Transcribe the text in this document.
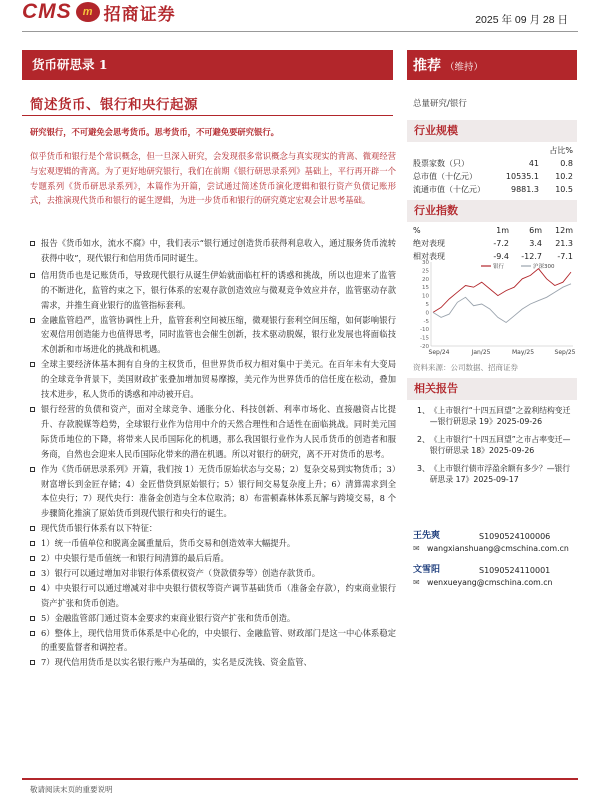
CMS	m 招商证券	2025 年 09 月 28 日
货币研思录 1	推荐 （维持）
简述货币、银行和央行起源	总量研究/银行
研究银行，不可避免会思考货币。思考货币，不可避免要研究银行。
似乎货币和银行是个常识概念，但一旦深入研究，会发现很多常识概念与真实现实的背离、微观经营与宏观逻辑的背离。为了更好地研究银行，我们在前期《银行研思录系列》基础上，平行再开辟一个专题系列《货币研思录系列》，本篇作为开篇，尝试通过简述货币演化逻辑和银行资产负债记账形式，去推演现代货币和银行的诞生逻辑，为进一步货币和银行的研究奠定宏观会计思考基础。
报告《货币如水，流水不腐》中，我们表示“银行通过创造货币获得利息收入，通过服务货币流转获得中收”，现代银行和信用货币同时诞生。
信用货币也是记账货币，导致现代银行从诞生伊始就面临杠杆的诱惑和挑战，所以也迎来了监管的不断进化，监管约束之下，银行体系的宏观存款创造效应与微观竞争效应并存，监管驱动存款需求，并推生商业银行的监管指标套利。
金融监管趋严，监管协调性上升，监管套利空间被压缩，微观银行套利空间压缩，如何影响银行宏观信用创造能力也值得思考，同时监管也会催生创新，技术驱动脱媒，银行业发展也将面临技术创新和市场进化的挑战和机遇。
全球主要经济体基本拥有自身的主权货币，但世界货币权力相对集中于美元。在百年未有大变局的全球竞争背景下，美国财政扩张叠加增加贸易摩擦，美元作为世界货币的信任度在松动，叠加技术进步，私人货币的诱惑和冲动被开启。
银行经营的负债和资产，面对全球竞争、通胀分化、科技创新、利率市场化、直接融资占比提升、存款脱媒等趋势，全球银行业作为信用中介的天然合理性和合适性在面临挑战。同时美元国际货币地位的下降，将带来人民币国际化的机遇，那么我国银行业作为人民币货币的创造者和服务商，自然也会迎来人民币国际化带来的潜在机遇。所以对银行的研究，离不开对货币的思考。
作为《货币研思录系列》开篇，我们按 1）无货币原始状态与交易；2）复杂交易到实物货币；3）财富增长到金匠存储；4）金匠借贷到原始银行；5）银行间交易复杂度上升；6）清算需求到全本位央行；7）现代央行：准备金创造与全本位取消；8）布雷顿森林体系瓦解与跨境交易，8 个步骤简化推演了原始货币到现代银行和央行的诞生。
现代货币银行体系有以下特征：
1）统一币值单位和脱离金属重量后，货币交易和创造效率大幅提升。
2）中央银行是币值统一和银行间清算的最后后盾。
3）银行可以通过增加对非银行体系债权资产（贷款债券等）创造存款货币。
4）中央银行可以通过增减对非中央银行债权等资产调节基础货币（准备金存款），约束商业银行资产扩张和货币创造。
5）金融监管部门通过资本金要求约束商业银行资产扩张和货币创造。
6）整体上，现代信用货币体系是中心化的，中央银行、金融监管、财政部门是这一中心体系稳定的重要监督者和调控者。
7）现代信用货币是以实名银行账户为基础的，实名是反洗钱、资金监管、
行业规模
占比%
股票家数（只）	41	0.8
总市值（十亿元）	10535.1	10.2
流通市值（十亿元）	9881.3	10.5
行业指数
%	1m	6m	12m
绝对表现	-7.2	3.4	21.3
相对表现	-9.4	-12.7	-7.1
30
25
20
15
10
5
0
-5
-10
-15
-20
Sep/24	Jan/25	May/25	Sep/25
银行	沪深300
资料来源：公司数据、招商证券
相关报告
1、 《上市银行“十四五回望”之盈利结构变迁—银行研思录 19》2025-09-26
2、 《上市银行“十四五回望”之市占率变迁—银行研思录 18》2025-09-26
3、 《上市银行债市浮盈余额有多少？—银行研思录 17》2025-09-17
王先爽	S1090524100006
✉ wangxianshuang@cmschina.com.cn
文雪阳	S1090524110001
✉ wenxueyang@cmschina.com.cn
敬请阅读末页的重要说明
